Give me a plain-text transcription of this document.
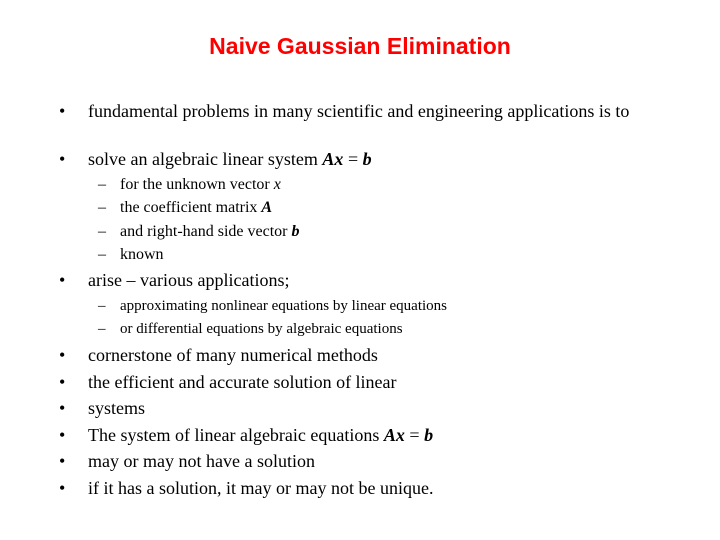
Naive Gaussian Elimination
• fundamental problems in many scientific and engineering applications is to
• solve an algebraic linear system Ax = b
– for the unknown vector x
– the coefficient matrix A
– and right-hand side vector b
– known
• arise – various applications;
– approximating nonlinear equations by linear equations
– or differential equations by algebraic equations
• cornerstone of many numerical methods
• the efficient and accurate solution of linear
• systems
• The system of linear algebraic equations Ax = b
• may or may not have a solution
• if it has a solution, it may or may not be unique.
